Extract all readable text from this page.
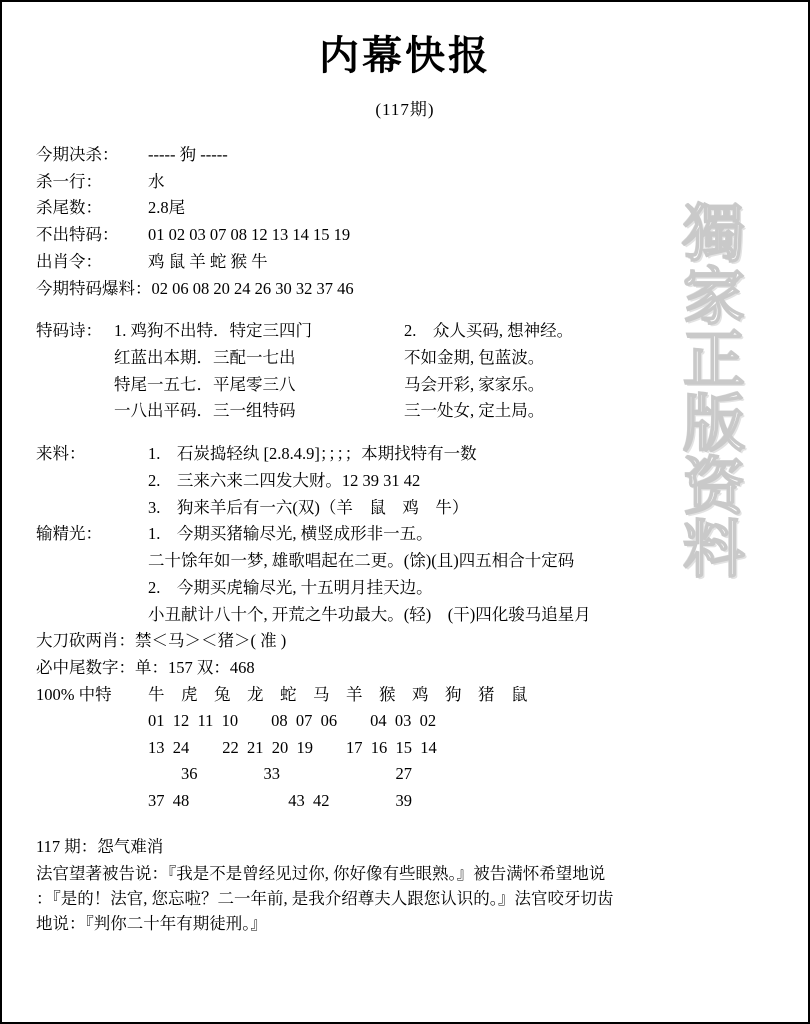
獨
家
正
版
资
料
内幕快报
(117期)
今期决杀：	----- 狗 -----
杀一行：	水
杀尾数：	2.8尾
不出特码：	01 02 03 07 08 12 13 14 15 19
出肖令：	鸡 鼠 羊 蛇 猴 牛
今期特码爆料： 02 06 08 20 24 26 30 32 37 46
特码诗： 1. 鸡狗不出特．特定三四门	2.　众人买码, 想神经。
红蓝出本期．三配一七出	不如金期, 包蓝波。
特尾一五七．平尾零三八	马会开彩, 家家乐。
一八出平码．三一组特码	三一处女, 定土局。
来料：	1.　石炭捣轻纨 [2.8.4.9]；；；；本期找特有一数
2.　三来六来二四发大财。12 39 31 42
3.　狗来羊后有一六(双)（羊　鼠　鸡　牛）
输精光：	1.　今期买猪输尽光, 横竖成形非一五。
二十馀年如一梦, 雄歌唱起在二更。(馀)(且)四五相合十定码
2.　今期买虎输尽光, 十五明月挂天边。
小丑献计八十个, 开荒之牛功最大。(轻)　(干)四化骏马追星月
大刀砍两肖： 禁＜马＞＜猪＞( 准 )
必中尾数字： 单：157 双：468
100% 中特	牛　虎　兔　龙　蛇　马　羊　猴　鸡　狗　猪　鼠
01  12  11  10        08  07  06        04  03  02
13  24        22  21  20  19        17  16  15  14
36                33                            27
37  48                        43  42                39
117 期：怨气难消
法官望著被告说：『我是不是曾经见过你, 你好像有些眼熟。』被告满怀希望地说
：『是的！法官, 您忘啦？二一年前, 是我介绍尊夫人跟您认识的。』法官咬牙切齿
地说：『判你二十年有期徒刑。』
